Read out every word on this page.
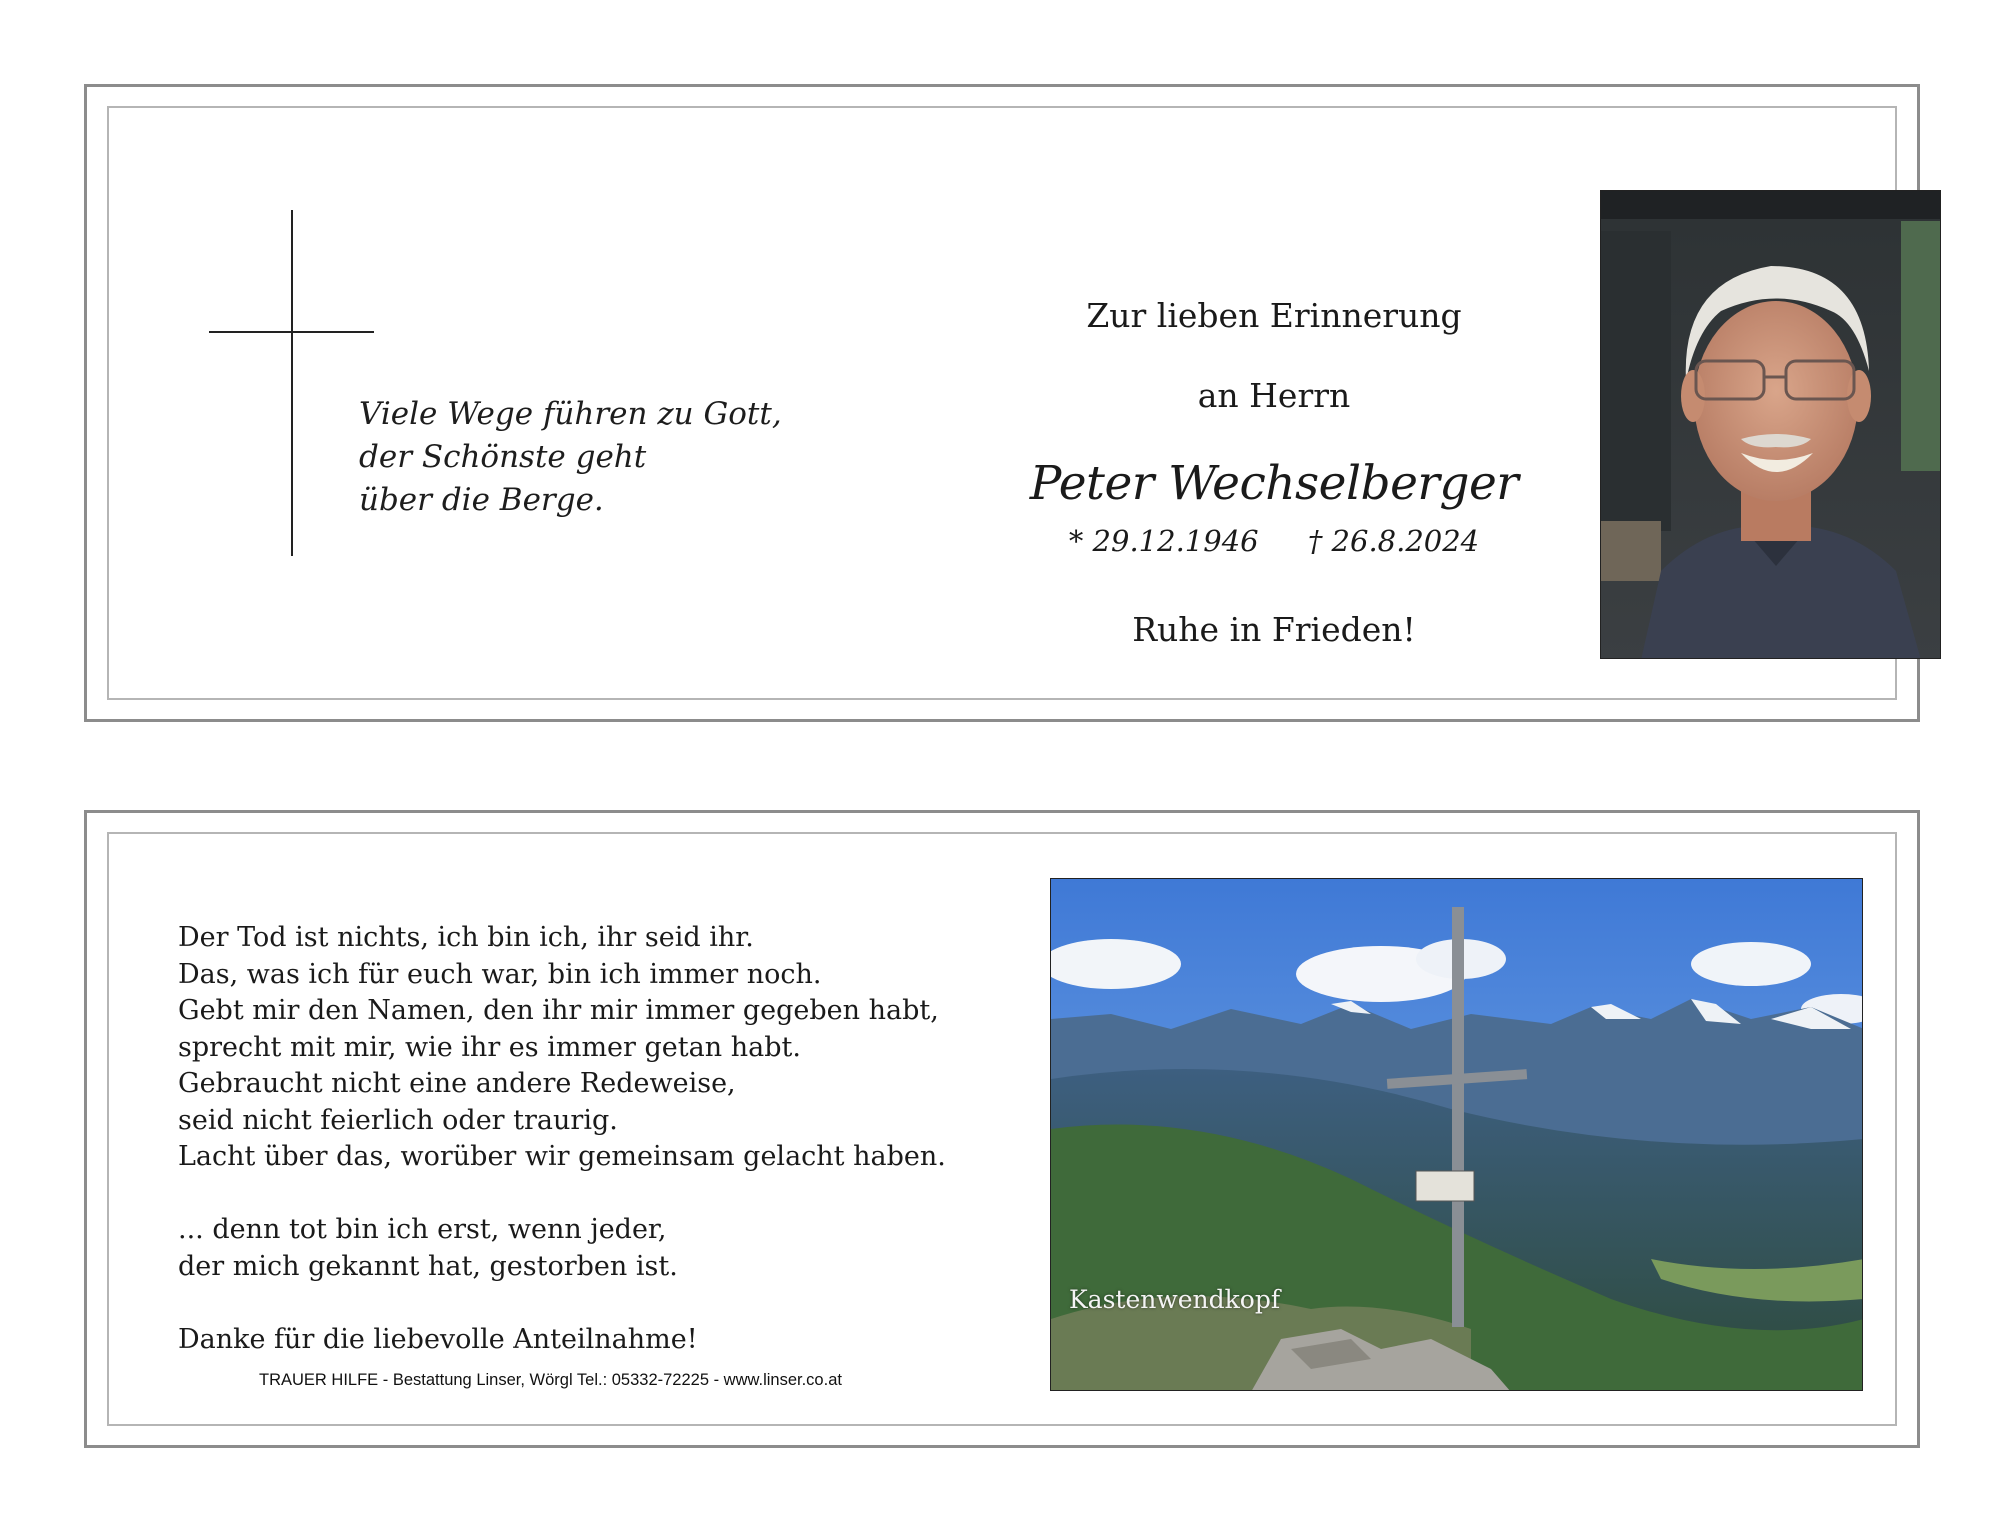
Viele Wege führen zu Gott,
der Schönste geht
über die Berge.
Zur lieben Erinnerung
an Herrn
Peter Wechselberger
* 29.12.1946 † 26.8.2024
Ruhe in Frieden!
Der Tod ist nichts, ich bin ich, ihr seid ihr.
Das, was ich für euch war, bin ich immer noch.
Gebt mir den Namen, den ihr mir immer gegeben habt,
sprecht mit mir, wie ihr es immer getan habt.
Gebraucht nicht eine andere Redeweise,
seid nicht feierlich oder traurig.
Lacht über das, worüber wir gemeinsam gelacht haben.
... denn tot bin ich erst, wenn jeder,
der mich gekannt hat, gestorben ist.
Danke für die liebevolle Anteilnahme!
TRAUER HILFE - Bestattung Linser, Wörgl Tel.: 05332-72225 - www.linser.co.at
Kastenwendkopf
